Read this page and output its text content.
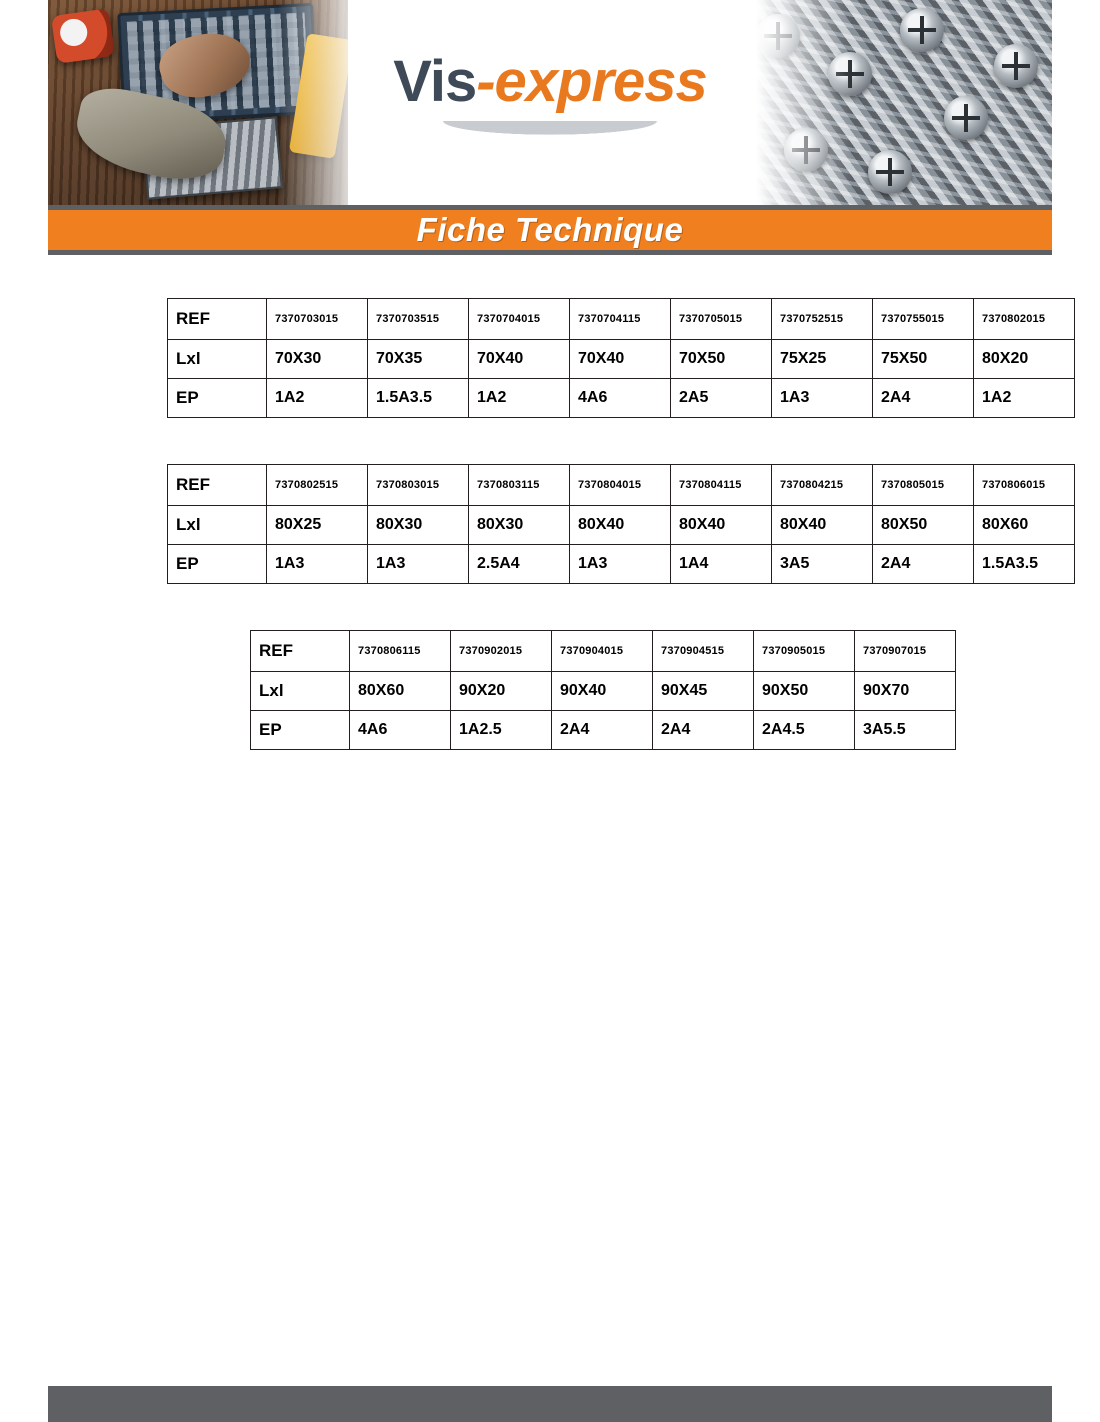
Vis-express
Fiche Technique
REF	7370703015	7370703515	7370704015	7370704115	7370705015	7370752515	7370755015	7370802015
Lxl	70X30	70X35	70X40	70X40	70X50	75X25	75X50	80X20
EP	1A2	1.5A3.5	1A2	4A6	2A5	1A3	2A4	1A2
REF	7370802515	7370803015	7370803115	7370804015	7370804115	7370804215	7370805015	7370806015
Lxl	80X25	80X30	80X30	80X40	80X40	80X40	80X50	80X60
EP	1A3	1A3	2.5A4	1A3	1A4	3A5	2A4	1.5A3.5
REF	7370806115	7370902015	7370904015	7370904515	7370905015	7370907015
Lxl	80X60	90X20	90X40	90X45	90X50	90X70
EP	4A6	1A2.5	2A4	2A4	2A4.5	3A5.5
